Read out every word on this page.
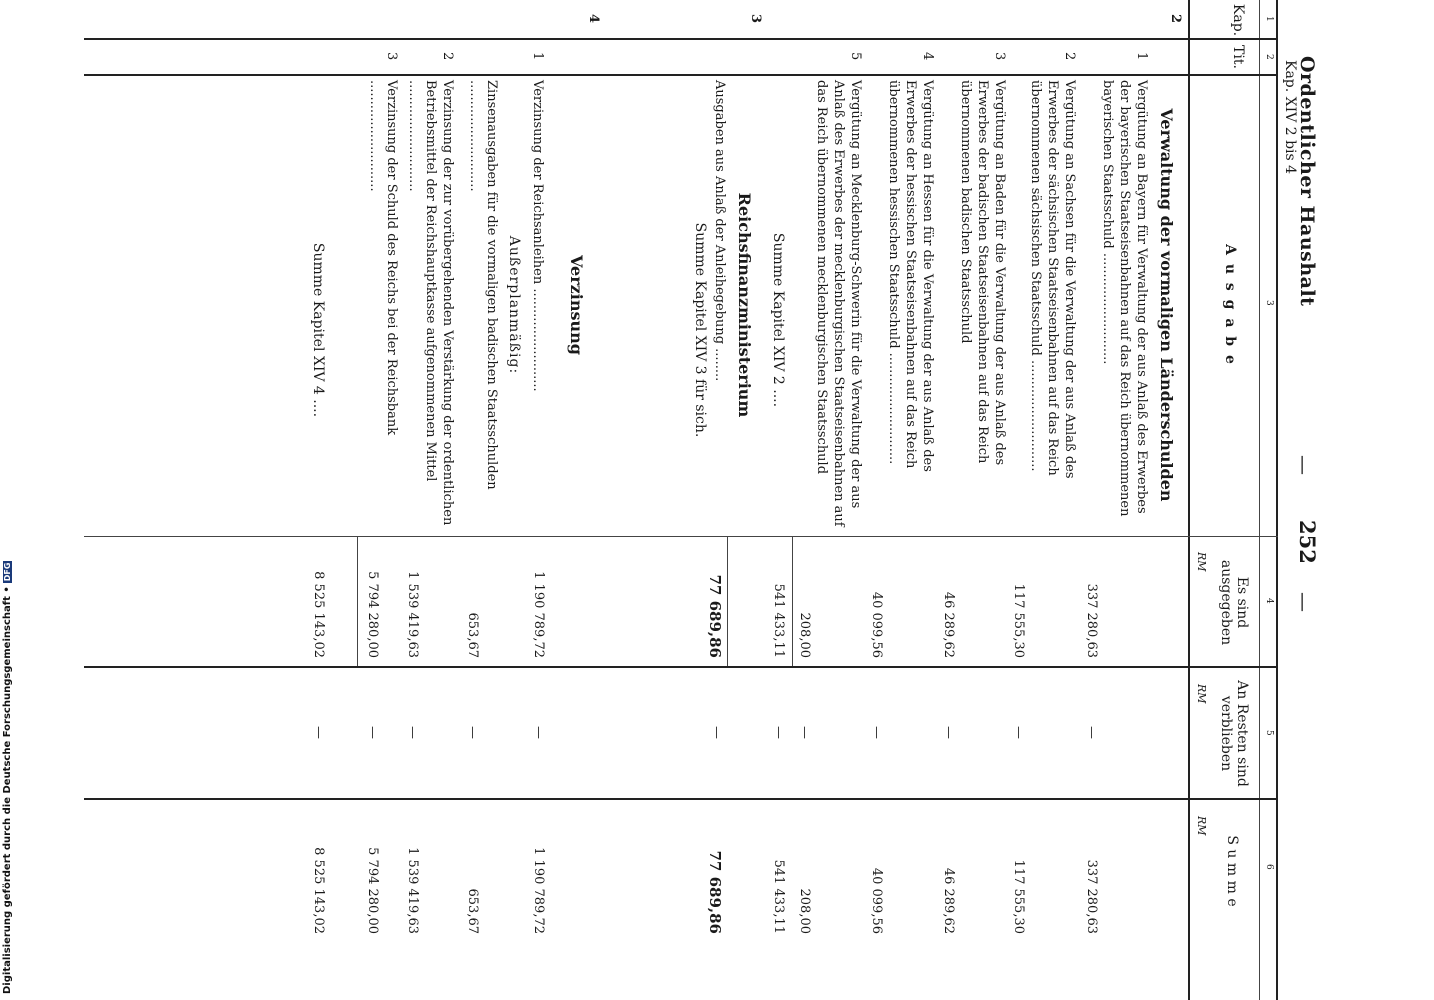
Digitalisierung gefördert durch die Deutsche Forschungsgemeinschaft •DFG
Ordentlicher Haushalt
Kap. XIV 2 bis 4
—
252
—
1
2
3
4
5
6
Kap.
Tit.
A u s g a b e
Es sind ausgegeben
An Resten sind verblieben
S u m m e
RM
RM
RM
2
Verwaltung der vormaligen Länderschulden
1
Vergütung an Bayern für Verwaltung der aus Anlaß des Erwerbes der bayerischen Staatseisenbahnen auf das Reich übernommenen bayerischen Staatsschuld ...........................
337 280,63
—
337 280,63
2
Vergütung an Sachsen für die Verwaltung der aus Anlaß des Erwerbes der sächsischen Staatseisenbahnen auf das Reich übernommenen sächsischen Staatsschuld ...........................
117 555,30
—
117 555,30
3
Vergütung an Baden für die Verwaltung der aus Anlaß des Erwerbes der badischen Staatseisenbahnen auf das Reich übernommenen badischen Staatsschuld
46 289,62
—
46 289,62
4
Vergütung an Hessen für die Verwaltung der aus Anlaß des Erwerbes der hessischen Staatseisenbahnen auf das Reich übernommenen hessischen Staatsschuld ...........................
40 099,56
—
40 099,56
5
Vergütung an Mecklenburg-Schwerin für die Verwaltung der aus Anlaß des Erwerbes der mecklenburgischen Staatseisenbahnen auf das Reich übernommenen mecklenburgischen Staatsschuld
208,00
—
208,00
Summe Kapitel XIV 2 ....
541 433,11
—
541 433,11
3
Reichsfinanzministerium
Ausgaben aus Anlaß der Anleihegebung ........
Summe Kapitel XIV 3 für sich.
77 689,86
—
77 689,86
4
Verzinsung
1
Verzinsung der Reichsanleihen .........................
1 190 789,72
—
1 190 789,72
Außerplanmäßig:
Zinsenausgaben für die vormaligen badischen Staatsschulden ...........................
653,67
—
653,67
2
Verzinsung der zur vorübergehenden Verstärkung der ordentlichen Betriebsmittel der Reichshauptkasse aufgenommenen Mittel ...........................
1 539 419,63
—
1 539 419,63
3
Verzinsung der Schuld des Reichs bei der Reichsbank ...........................
5 794 280,00
—
5 794 280,00
Summe Kapitel XIV 4 ....
8 525 143,02
—
8 525 143,02
